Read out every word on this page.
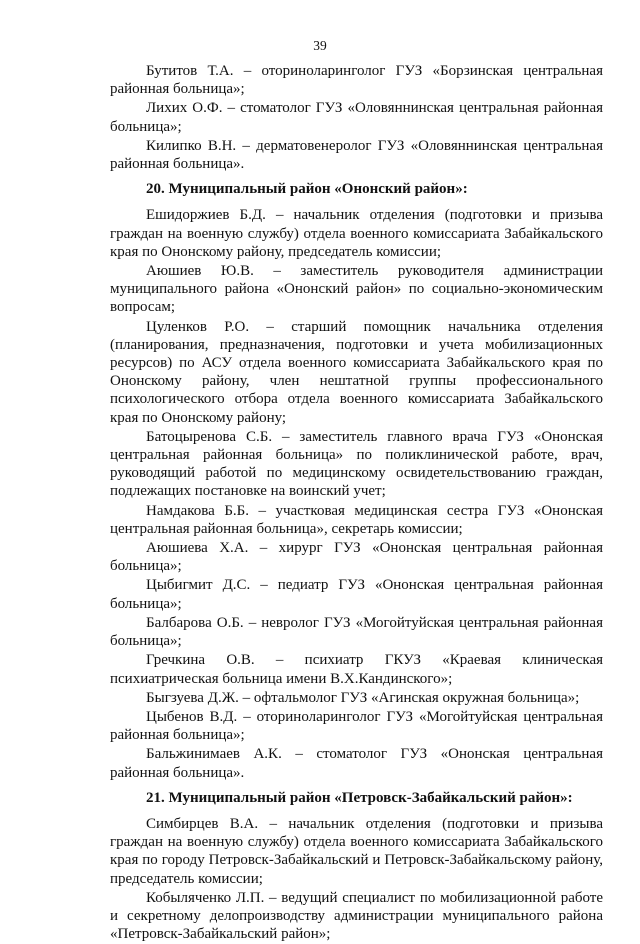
39

Бутитов Т.А. – оториноларинголог ГУЗ «Борзинская центральная районная больница»;

Лихих О.Ф. – стоматолог ГУЗ «Оловяннинская центральная районная больница»;

Килипко В.Н. – дерматовенеролог ГУЗ «Оловяннинская центральная районная больница».

20. Муниципальный район «Ононский район»:

Ешидоржиев Б.Д. – начальник отделения (подготовки и призыва граждан на военную службу) отдела военного комиссариата Забайкальского края по Ононскому району, председатель комиссии;

Аюшиев Ю.В. – заместитель руководителя администрации муниципального района «Ононский район» по социально-экономическим вопросам;

Цуленков Р.О. – старший помощник начальника отделения (планирования, предназначения, подготовки и учета мобилизационных ресурсов) по АСУ отдела военного комиссариата Забайкальского края по Ононскому району, член нештатной группы профессионального психологического отбора отдела военного комиссариата Забайкальского края по Ононскому району;

Батоцыренова С.Б. – заместитель главного врача ГУЗ «Ононская центральная районная больница» по поликлинической работе, врач, руководящий работой по медицинскому освидетельствованию граждан, подлежащих постановке на воинский учет;

Намдакова Б.Б. – участковая медицинская сестра ГУЗ «Ононская центральная районная больница», секретарь комиссии;

Аюшиева Х.А. – хирург ГУЗ «Ононская центральная районная больница»;

Цыбигмит Д.С. – педиатр ГУЗ «Ононская центральная районная больница»;

Балбарова О.Б. – невролог ГУЗ «Могойтуйская центральная районная больница»;

Гречкина О.В. – психиатр ГКУЗ «Краевая клиническая психиатрическая больница имени В.Х.Кандинского»;

Быгзуева Д.Ж. – офтальмолог ГУЗ «Агинская окружная больница»;

Цыбенов В.Д. – оториноларинголог ГУЗ «Могойтуйская центральная районная больница»;

Бальжинимаев А.К. – стоматолог ГУЗ «Ононская центральная районная больница».

21. Муниципальный район «Петровск-Забайкальский район»:

Симбирцев В.А. – начальник отделения (подготовки и призыва граждан на военную службу) отдела военного комиссариата Забайкальского края по городу Петровск-Забайкальский и Петровск-Забайкальскому району, председатель комиссии;

Кобыляченко Л.П. – ведущий специалист по мобилизационной работе и секретному делопроизводству администрации муниципального района «Петровск-Забайкальский район»;
